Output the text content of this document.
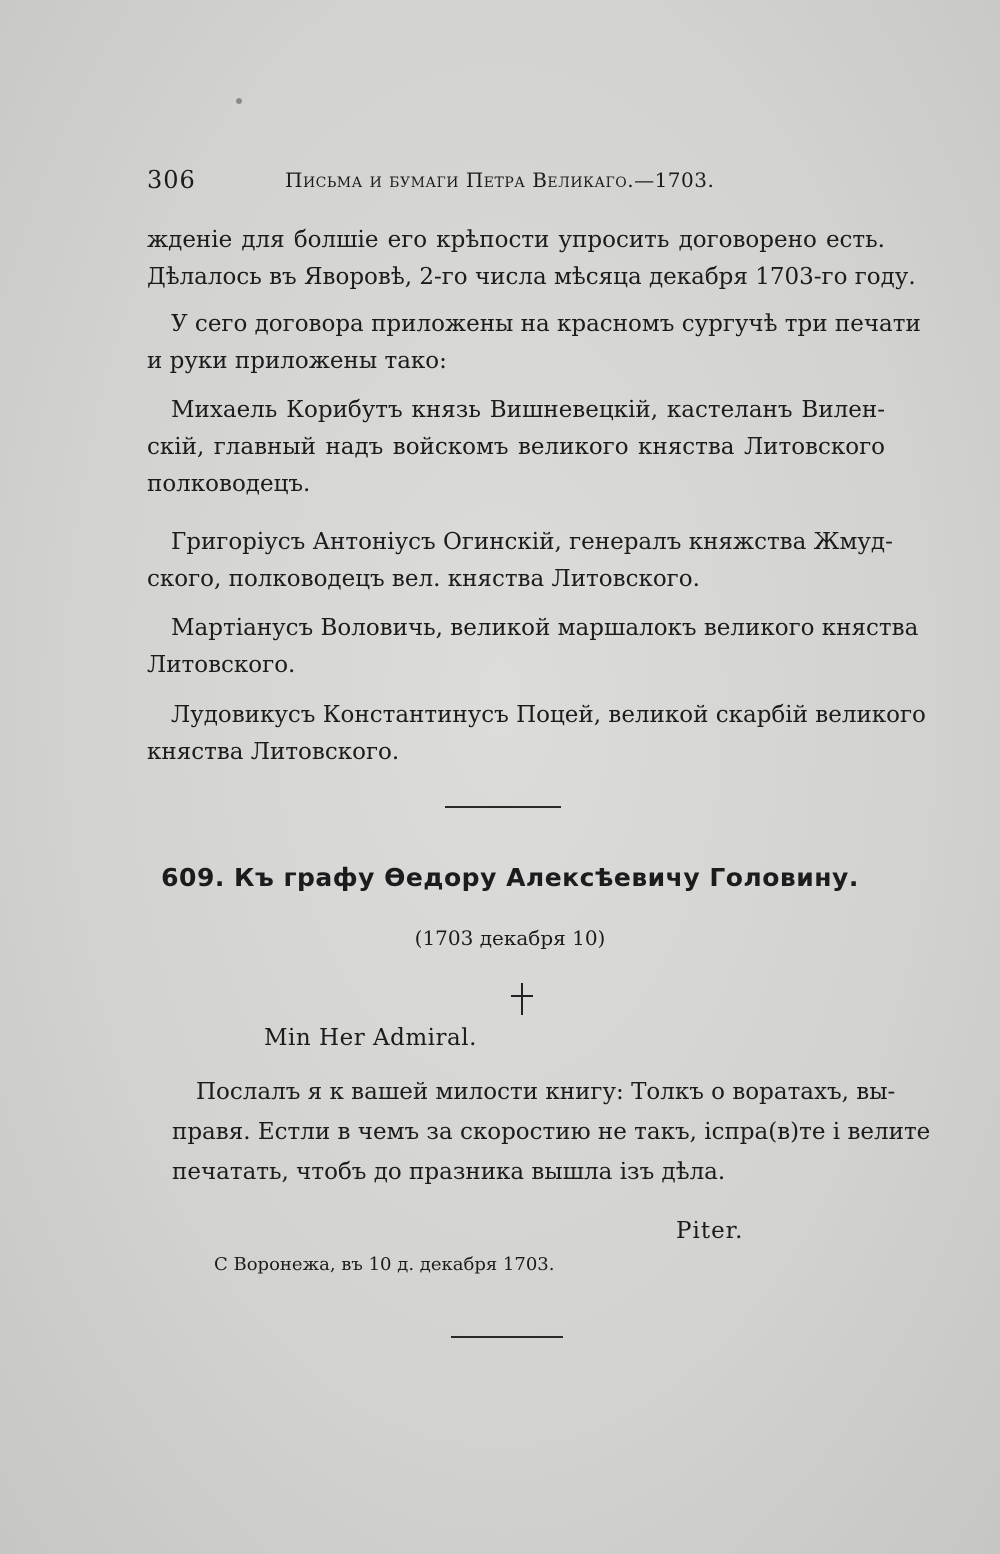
306	Письма и бумаги Петра Великаго.—1703.
жденіе для болшіе его крѣпости упросить договорено есть.
Дѣлалось въ Яворовѣ, 2-го числа мѣсяца декабря 1703-го году.
У сего договора приложены на красномъ сургучѣ три печати
и руки приложены тако:
Михаель Корибутъ князь Вишневецкій, кастеланъ Вилен-
скій, главный надъ войскомъ великого княства Литовского
полководецъ.
Григоріусъ Антоніусъ Огинскій, генералъ княжства Жмуд-
ского, полководецъ вел. княства Литовского.
Мартіанусъ Воловичь, великой маршалокъ великого княства
Литовского.
Лудовикусъ Константинусъ Поцей, великой скарбій великого
княства Литовского.
609. Къ графу Ѳедору Алексѣевичу Головину.
(1703 декабря 10)
Min Her Admiral.
Послалъ я к вашей милости книгу: Толкъ о воратахъ, вы-
правя. Естли в чемъ за скоростию не такъ, іспра(в)те і велите
печатать, чтобъ до празника вышла ізъ дѣла.
Piter.
С Воронежа, въ 10 д. декабря 1703.
